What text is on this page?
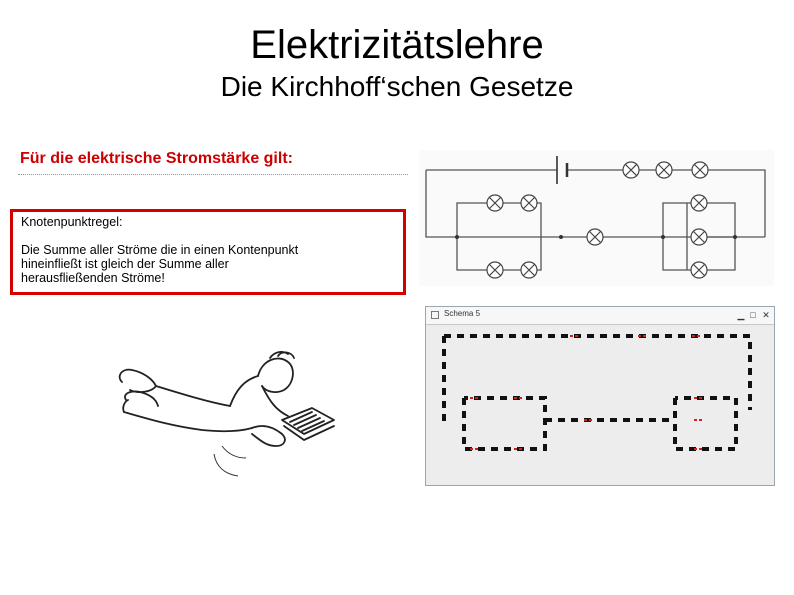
Elektrizitätslehre
Die Kirchhoff‘schen Gesetze
Für die elektrische Stromstärke gilt:
Knotenpunktregel:
Die Summe aller Ströme die in einen Kontenpunkt
hineinfließt ist gleich der Summe aller
herausfließenden Ströme!
Schema 5	▁ □ ✕
